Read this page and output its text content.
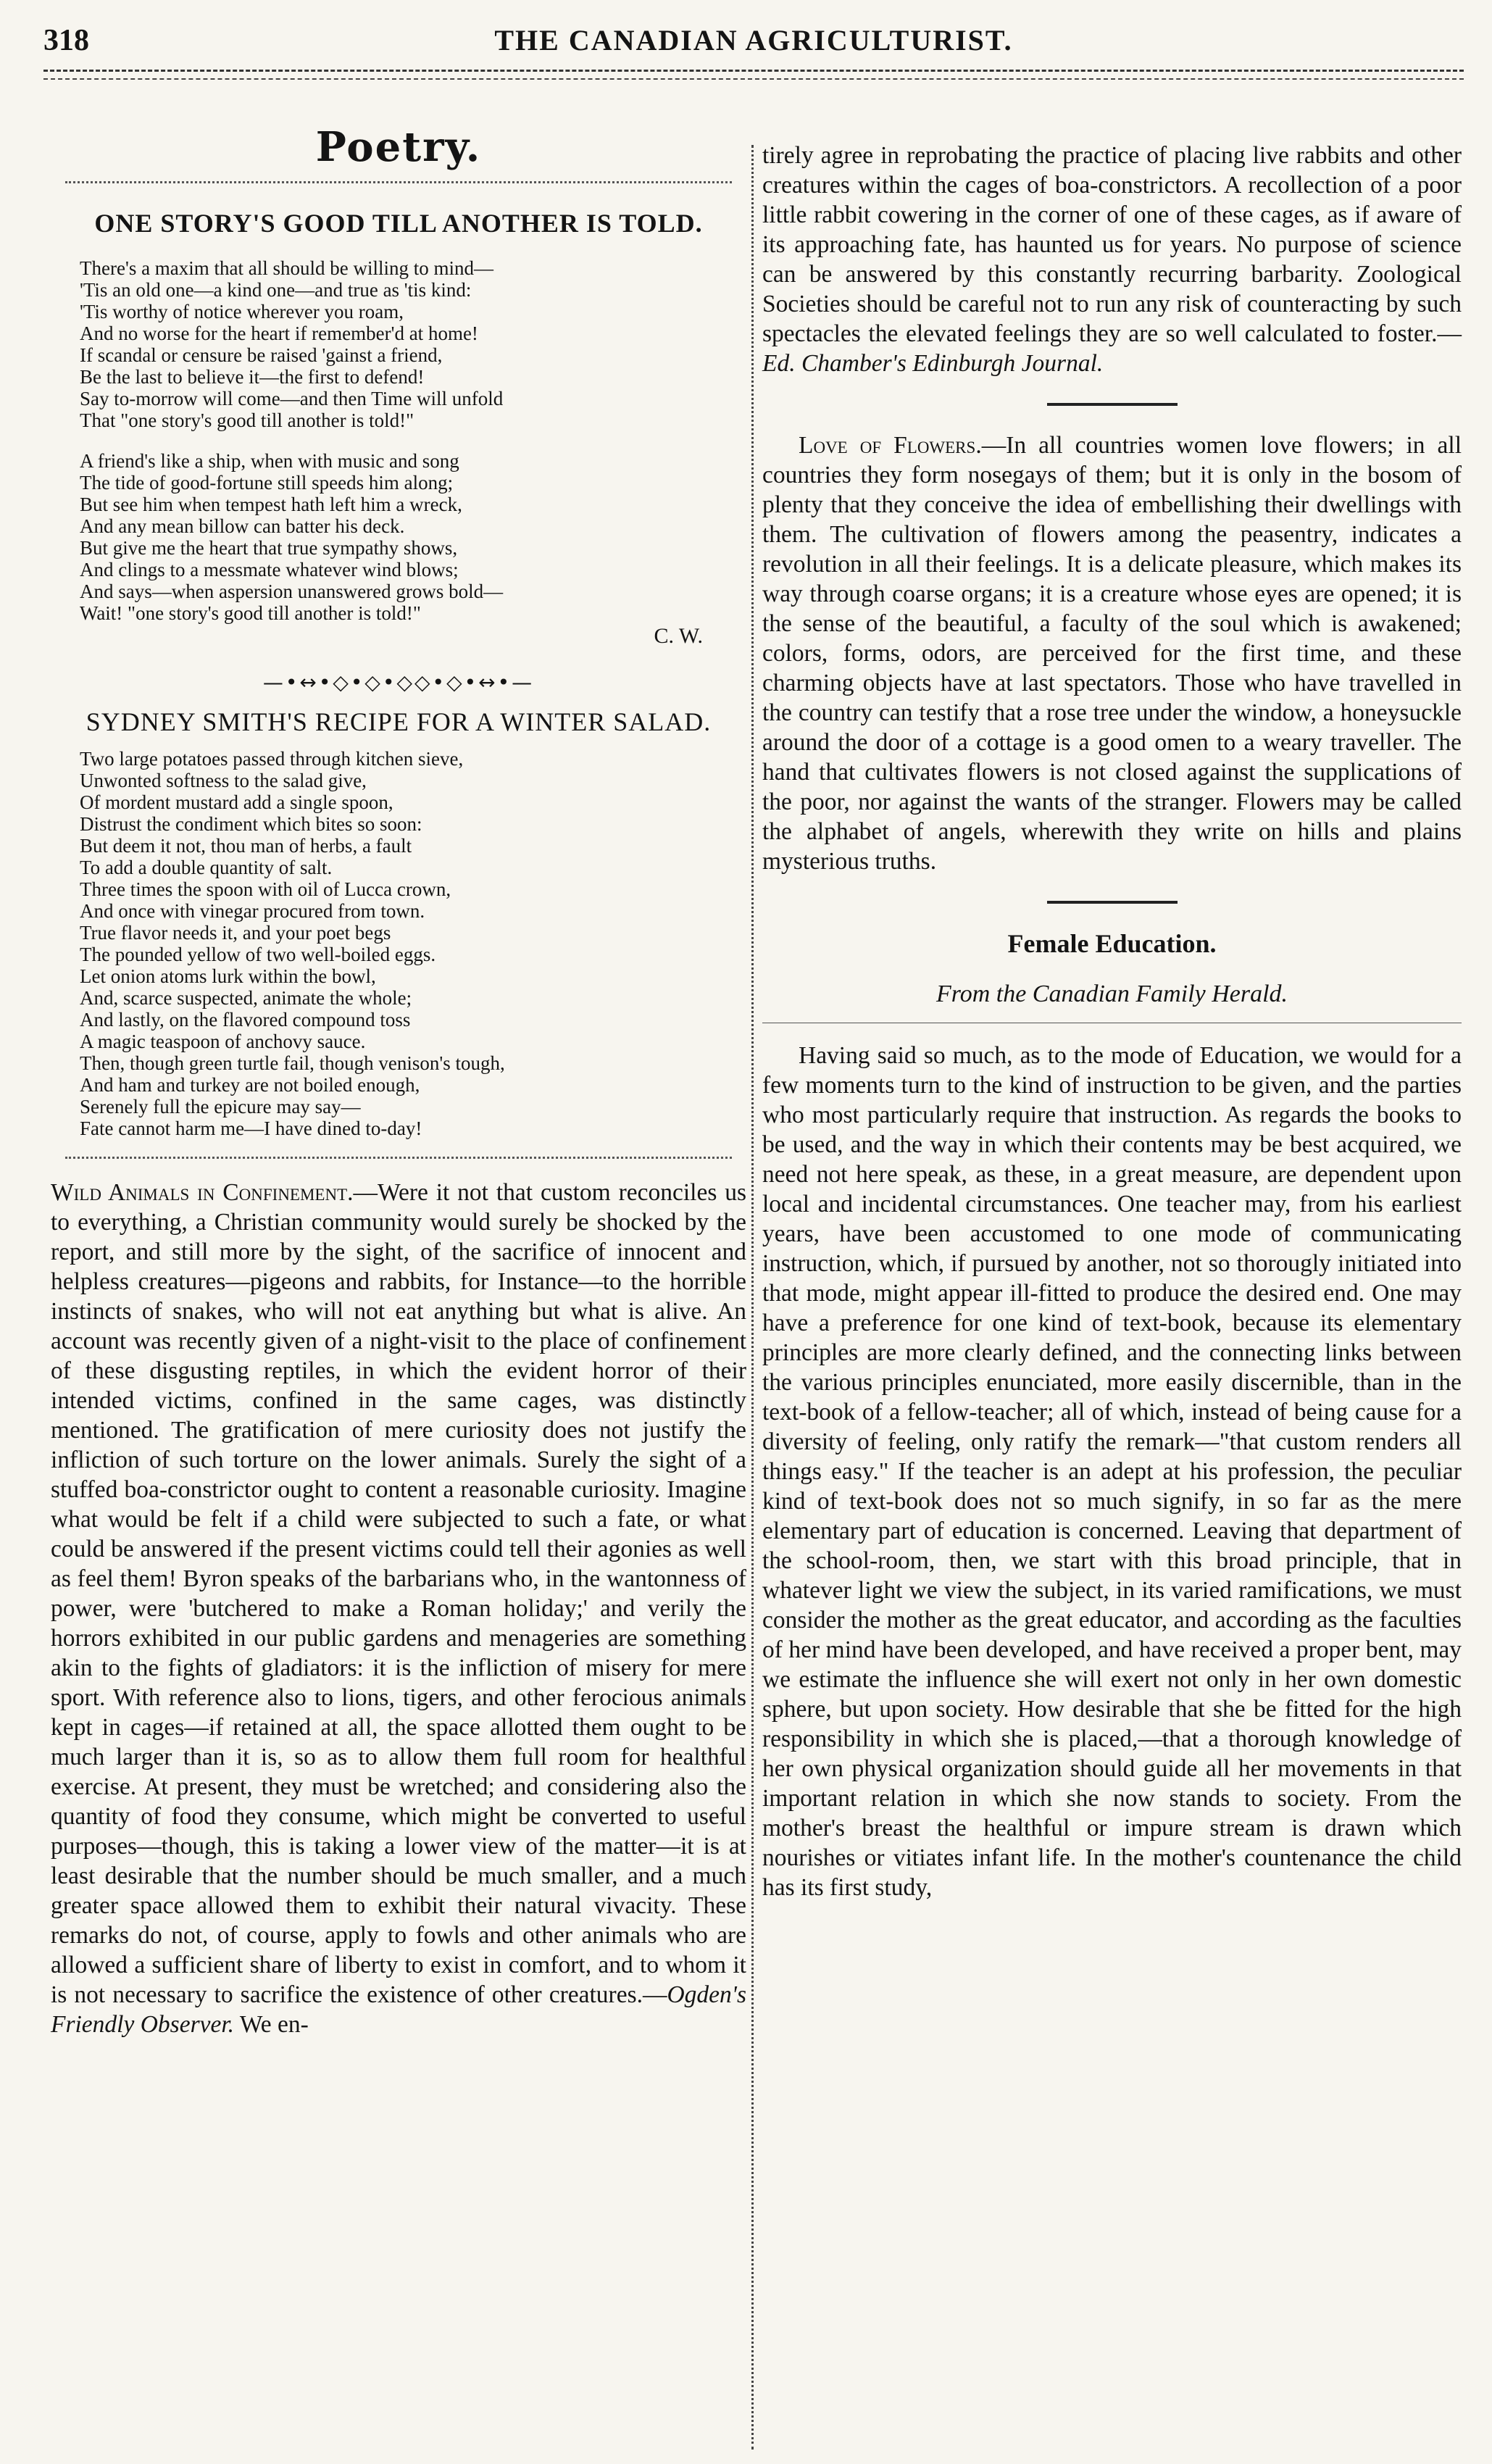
318	THE CANADIAN AGRICULTURIST.
Poetry.
ONE STORY'S GOOD TILL ANOTHER IS TOLD.
There's a maxim that all should be willing to mind—
'Tis an old one—a kind one—and true as 'tis kind:
'Tis worthy of notice wherever you roam,
And no worse for the heart if remember'd at home!
If scandal or censure be raised 'gainst a friend,
Be the last to believe it—the first to defend!
Say to-morrow will come—and then Time will unfold
That "one story's good till another is told!"
A friend's like a ship, when with music and song
The tide of good-fortune still speeds him along;
But see him when tempest hath left him a wreck,
And any mean billow can batter his deck.
But give me the heart that true sympathy shows,
And clings to a messmate whatever wind blows;
And says—when aspersion unanswered grows bold—
Wait! "one story's good till another is told!"
C. W.
—•↔•◇•◇•◇◇•◇•↔•—
SYDNEY SMITH'S RECIPE FOR A WINTER SALAD.
Two large potatoes passed through kitchen sieve,
Unwonted softness to the salad give,
Of mordent mustard add a single spoon,
Distrust the condiment which bites so soon:
But deem it not, thou man of herbs, a fault
To add a double quantity of salt.
Three times the spoon with oil of Lucca crown,
And once with vinegar procured from town.
True flavor needs it, and your poet begs
The pounded yellow of two well-boiled eggs.
Let onion atoms lurk within the bowl,
And, scarce suspected, animate the whole;
And lastly, on the flavored compound toss
A magic teaspoon of anchovy sauce.
Then, though green turtle fail, though venison's tough,
And ham and turkey are not boiled enough,
Serenely full the epicure may say—
Fate cannot harm me—I have dined to-day!

Wild Animals in Confinement.—Were it not that custom reconciles us to everything, a Christian community would surely be shocked by the report, and still more by the sight, of the sacrifice of innocent and helpless creatures—pigeons and rabbits, for Instance—to the horrible instincts of snakes, who will not eat anything but what is alive. An account was recently given of a night-visit to the place of confinement of these disgusting reptiles, in which the evident horror of their intended victims, confined in the same cages, was distinctly mentioned. The gratification of mere curiosity does not justify the infliction of such torture on the lower animals. Surely the sight of a stuffed boa-constrictor ought to content a reasonable curiosity. Imagine what would be felt if a child were subjected to such a fate, or what could be answered if the present victims could tell their agonies as well as feel them! Byron speaks of the barbarians who, in the wantonness of power, were 'butchered to make a Roman holiday;' and verily the horrors exhibited in our public gardens and menageries are something akin to the fights of gladiators: it is the infliction of misery for mere sport. With reference also to lions, tigers, and other ferocious animals kept in cages—if retained at all, the space allotted them ought to be much larger than it is, so as to allow them full room for healthful exercise. At present, they must be wretched; and considering also the quantity of food they consume, which might be converted to useful purposes—though, this is taking a lower view of the matter—it is at least desirable that the number should be much smaller, and a much greater space allowed them to exhibit their natural vivacity. These remarks do not, of course, apply to fowls and other animals who are allowed a sufficient share of liberty to exist in comfort, and to whom it is not necessary to sacrifice the existence of other creatures.—Ogden's Friendly Observer. We en-

tirely agree in reprobating the practice of placing live rabbits and other creatures within the cages of boa-constrictors. A recollection of a poor little rabbit cowering in the corner of one of these cages, as if aware of its approaching fate, has haunted us for years. No purpose of science can be answered by this constantly recurring barbarity. Zoological Societies should be careful not to run any risk of counteracting by such spectacles the elevated feelings they are so well calculated to foster.—Ed. Chamber's Edinburgh Journal.

Love of Flowers.—In all countries women love flowers; in all countries they form nosegays of them; but it is only in the bosom of plenty that they conceive the idea of embellishing their dwellings with them. The cultivation of flowers among the peasentry, indicates a revolution in all their feelings. It is a delicate pleasure, which makes its way through coarse organs; it is a creature whose eyes are opened; it is the sense of the beautiful, a faculty of the soul which is awakened; colors, forms, odors, are perceived for the first time, and these charming objects have at last spectators. Those who have travelled in the country can testify that a rose tree under the window, a honeysuckle around the door of a cottage is a good omen to a weary traveller. The hand that cultivates flowers is not closed against the supplications of the poor, nor against the wants of the stranger. Flowers may be called the alphabet of angels, wherewith they write on hills and plains mysterious truths.

Female Education.
From the Canadian Family Herald.

Having said so much, as to the mode of Education, we would for a few moments turn to the kind of instruction to be given, and the parties who most particularly require that instruction. As regards the books to be used, and the way in which their contents may be best acquired, we need not here speak, as these, in a great measure, are dependent upon local and incidental circumstances. One teacher may, from his earliest years, have been accustomed to one mode of communicating instruction, which, if pursued by another, not so thorougly initiated into that mode, might appear ill-fitted to produce the desired end. One may have a preference for one kind of text-book, because its elementary principles are more clearly defined, and the connecting links between the various principles enunciated, more easily discernible, than in the text-book of a fellow-teacher; all of which, instead of being cause for a diversity of feeling, only ratify the remark—"that custom renders all things easy." If the teacher is an adept at his profession, the peculiar kind of text-book does not so much signify, in so far as the mere elementary part of education is concerned. Leaving that department of the school-room, then, we start with this broad principle, that in whatever light we view the subject, in its varied ramifications, we must consider the mother as the great educator, and according as the faculties of her mind have been developed, and have received a proper bent, may we estimate the influence she will exert not only in her own domestic sphere, but upon society. How desirable that she be fitted for the high responsibility in which she is placed,—that a thorough knowledge of her own physical organization should guide all her movements in that important relation in which she now stands to society. From the mother's breast the healthful or impure stream is drawn which nourishes or vitiates infant life. In the mother's countenance the child has its first study,
